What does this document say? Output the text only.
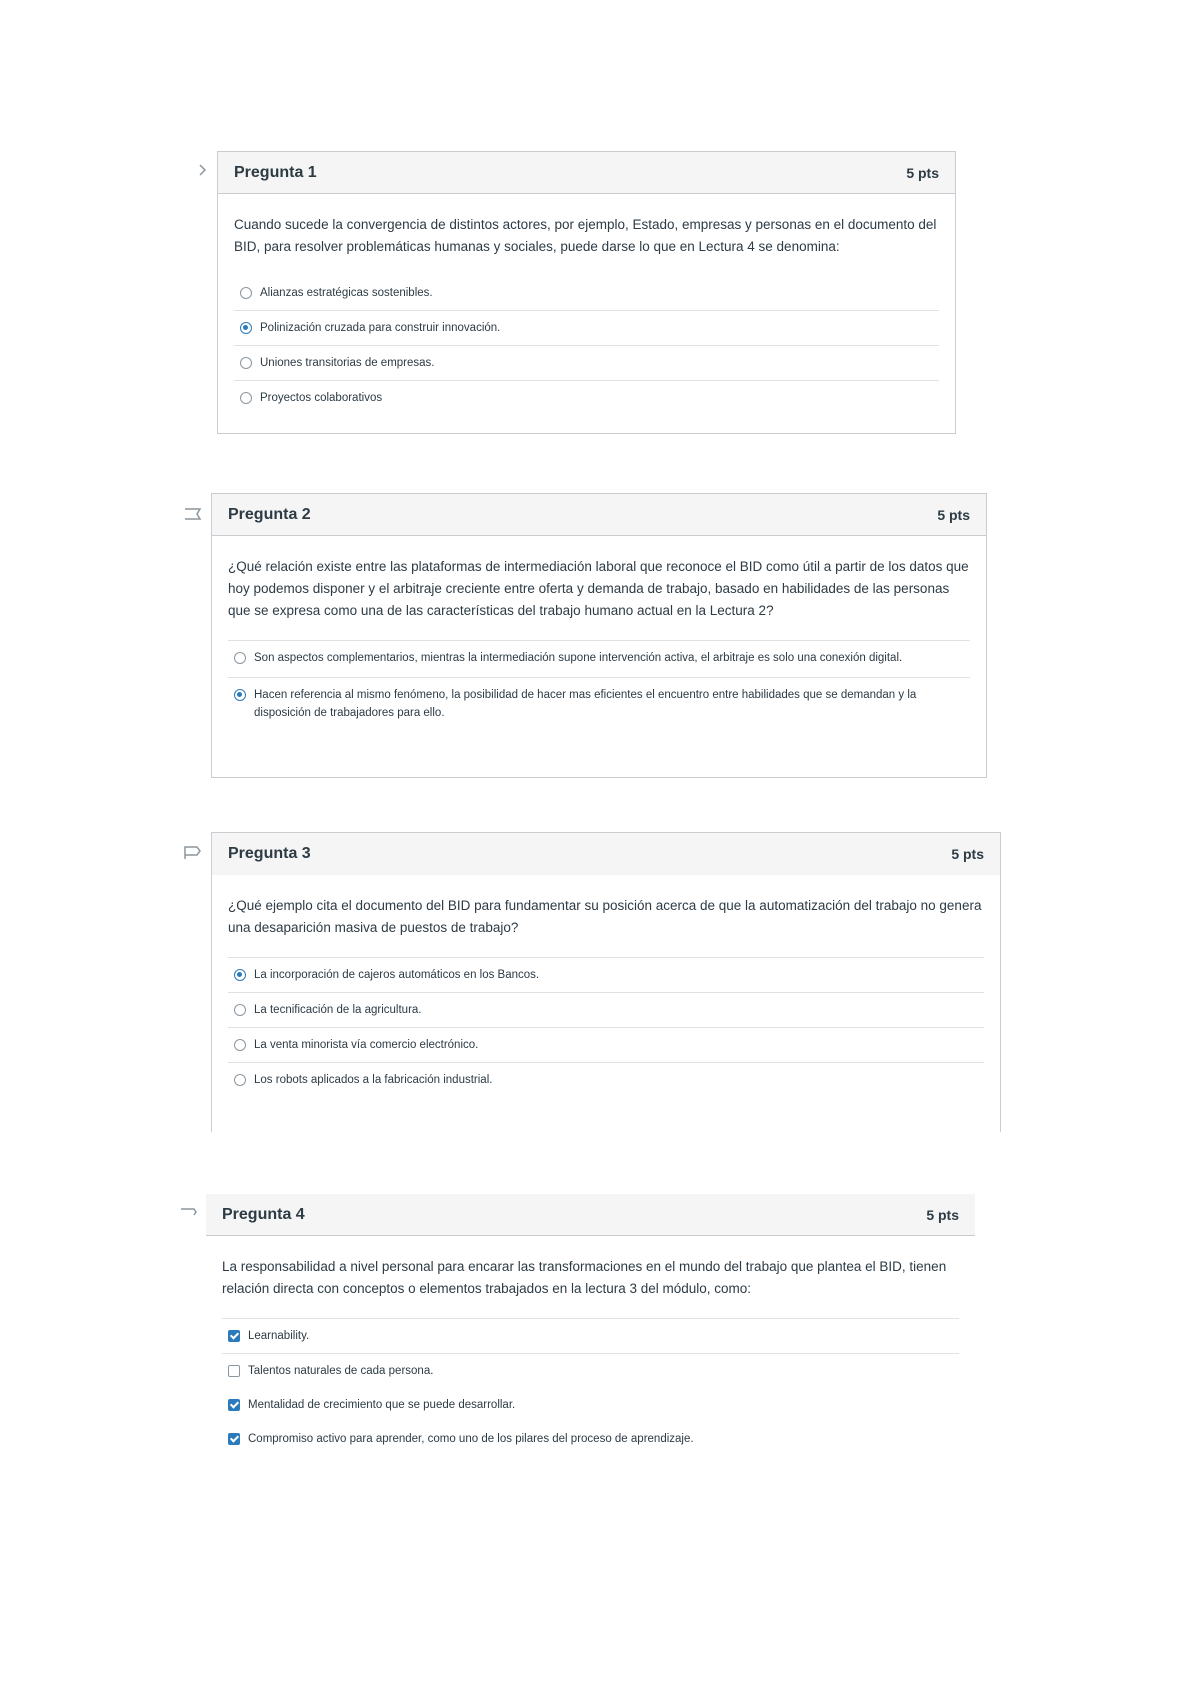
Pregunta 1	5 pts

Cuando sucede la convergencia de distintos actores, por ejemplo, Estado, empresas y personas en el documento del BID, para resolver problemáticas humanas y sociales, puede darse lo que en Lectura 4 se denomina:

Alianzas estratégicas sostenibles.
Polinización cruzada para construir innovación.
Uniones transitorias de empresas.
Proyectos colaborativos
Pregunta 2	5 pts

¿Qué relación existe entre las plataformas de intermediación laboral que reconoce el BID como útil a partir de los datos que hoy podemos disponer y el arbitraje creciente entre oferta y demanda de trabajo, basado en habilidades de las personas que se expresa como una de las características del trabajo humano actual en la Lectura 2?

Son aspectos complementarios, mientras la intermediación supone intervención activa, el arbitraje es solo una conexión digital.
Hacen referencia al mismo fenómeno, la posibilidad de hacer mas eficientes el encuentro entre habilidades que se demandan y la disposición de trabajadores para ello.
Pregunta 3	5 pts

¿Qué ejemplo cita el documento del BID para fundamentar su posición acerca de que la automatización del trabajo no genera una desaparición masiva de puestos de trabajo?

La incorporación de cajeros automáticos en los Bancos.
La tecnificación de la agricultura.
La venta minorista vía comercio electrónico.
Los robots aplicados a la fabricación industrial.
Pregunta 4	5 pts

La responsabilidad a nivel personal para encarar las transformaciones en el mundo del trabajo que plantea el BID, tienen relación directa con conceptos o elementos trabajados en la lectura 3 del módulo, como:

Learnability.
Talentos naturales de cada persona.
Mentalidad de crecimiento que se puede desarrollar.
Compromiso activo para aprender, como uno de los pilares del proceso de aprendizaje.
